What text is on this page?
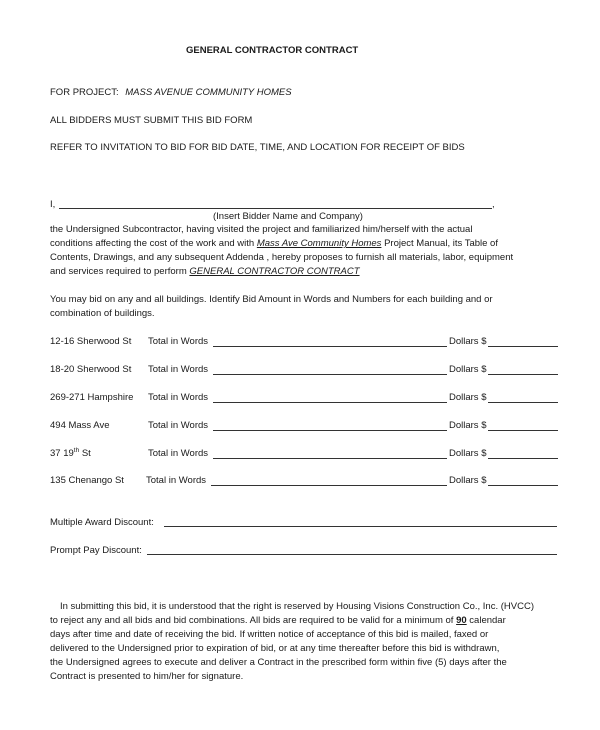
GENERAL CONTRACTOR CONTRACT
FOR PROJECT: MASS AVENUE COMMUNITY HOMES
ALL BIDDERS MUST SUBMIT THIS BID FORM
REFER TO INVITATION TO BID FOR BID DATE, TIME, AND LOCATION FOR RECEIPT OF BIDS
I,	,
(Insert Bidder Name and Company)
the Undersigned Subcontractor, having visited the project and familiarized him/herself with the actual
conditions affecting the cost of the work and with Mass Ave Community Homes Project Manual, its Table of
Contents, Drawings, and any subsequent Addenda , hereby proposes to furnish all materials, labor, equipment
and services required to perform GENERAL CONTRACTOR CONTRACT
You may bid on any and all buildings. Identify Bid Amount in Words and Numbers for each building and or
combination of buildings.
12-16 Sherwood St Total in Words	Dollars $
18-20 Sherwood St Total in Words	Dollars $
269-271 Hampshire Total in Words	Dollars $
494 Mass Ave	Total in Words	Dollars $
37 19th St	Total in Words	Dollars $
135 Chenango St Total in Words	Dollars $
Multiple Award Discount:
Prompt Pay Discount:
In submitting this bid, it is understood that the right is reserved by Housing Visions Construction Co., Inc. (HVCC)
to reject any and all bids and bid combinations. All bids are required to be valid for a minimum of 90 calendar
days after time and date of receiving the bid. If written notice of acceptance of this bid is mailed, faxed or
delivered to the Undersigned prior to expiration of bid, or at any time thereafter before this bid is withdrawn,
the Undersigned agrees to execute and deliver a Contract in the prescribed form within five (5) days after the
Contract is presented to him/her for signature.
